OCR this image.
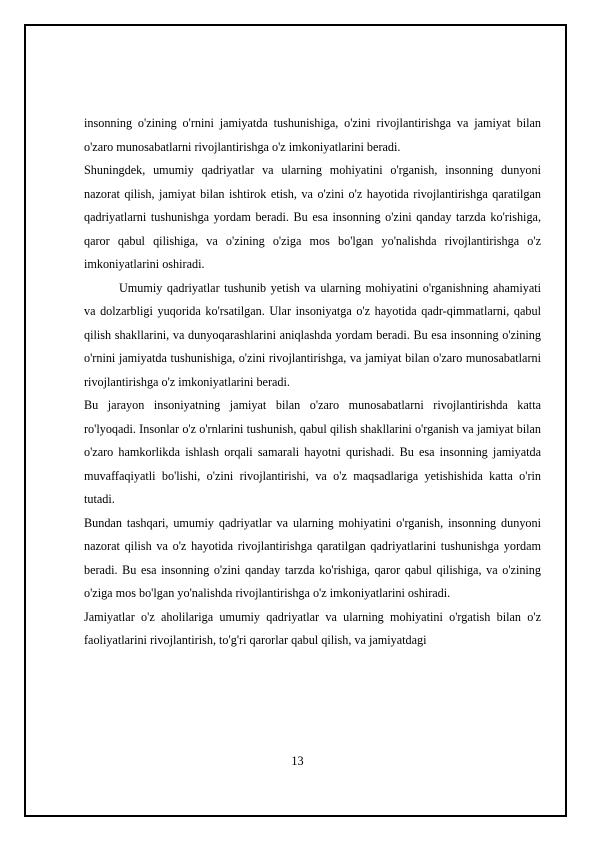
insonning o'zining o'rnini jamiyatda tushunishiga, o'zini rivojlantirishga va jamiyat bilan o'zaro munosabatlarni rivojlantirishga o'z imkoniyatlarini beradi.

Shuningdek, umumiy qadriyatlar va ularning mohiyatini o'rganish, insonning dunyoni nazorat qilish, jamiyat bilan ishtirok etish, va o'zini o'z hayotida rivojlantirishga qaratilgan qadriyatlarni tushunishga yordam beradi. Bu esa insonning o'zini qanday tarzda ko'rishiga, qaror qabul qilishiga, va o'zining o'ziga mos bo'lgan yo'nalishda rivojlantirishga o'z imkoniyatlarini oshiradi.

Umumiy qadriyatlar tushunib yetish va ularning mohiyatini o'rganishning ahamiyati va dolzarbligi yuqorida ko'rsatilgan. Ular insoniyatga o'z hayotida qadr-qimmatlarni, qabul qilish shakllarini, va dunyoqarashlarini aniqlashda yordam beradi. Bu esa insonning o'zining o'rnini jamiyatda tushunishiga, o'zini rivojlantirishga, va jamiyat bilan o'zaro munosabatlarni rivojlantirishga o'z imkoniyatlarini beradi.

Bu jarayon insoniyatning jamiyat bilan o'zaro munosabatlarni rivojlantirishda katta ro'lyoqadi. Insonlar o'z o'rnlarini tushunish, qabul qilish shakllarini o'rganish va jamiyat bilan o'zaro hamkorlikda ishlash orqali samarali hayotni qurishadi. Bu esa insonning jamiyatda muvaffaqiyatli bo'lishi, o'zini rivojlantirishi, va o'z maqsadlariga yetishishida katta o'rin tutadi.

Bundan tashqari, umumiy qadriyatlar va ularning mohiyatini o'rganish, insonning dunyoni nazorat qilish va o'z hayotida rivojlantirishga qaratilgan qadriyatlarini tushunishga yordam beradi. Bu esa insonning o'zini qanday tarzda ko'rishiga, qaror qabul qilishiga, va o'zining o'ziga mos bo'lgan yo'nalishda rivojlantirishga o'z imkoniyatlarini oshiradi.

Jamiyatlar o'z aholilariga umumiy qadriyatlar va ularning mohiyatini o'rgatish bilan o'z faoliyatlarini rivojlantirish, to'g'ri qarorlar qabul qilish, va jamiyatdagi

13
